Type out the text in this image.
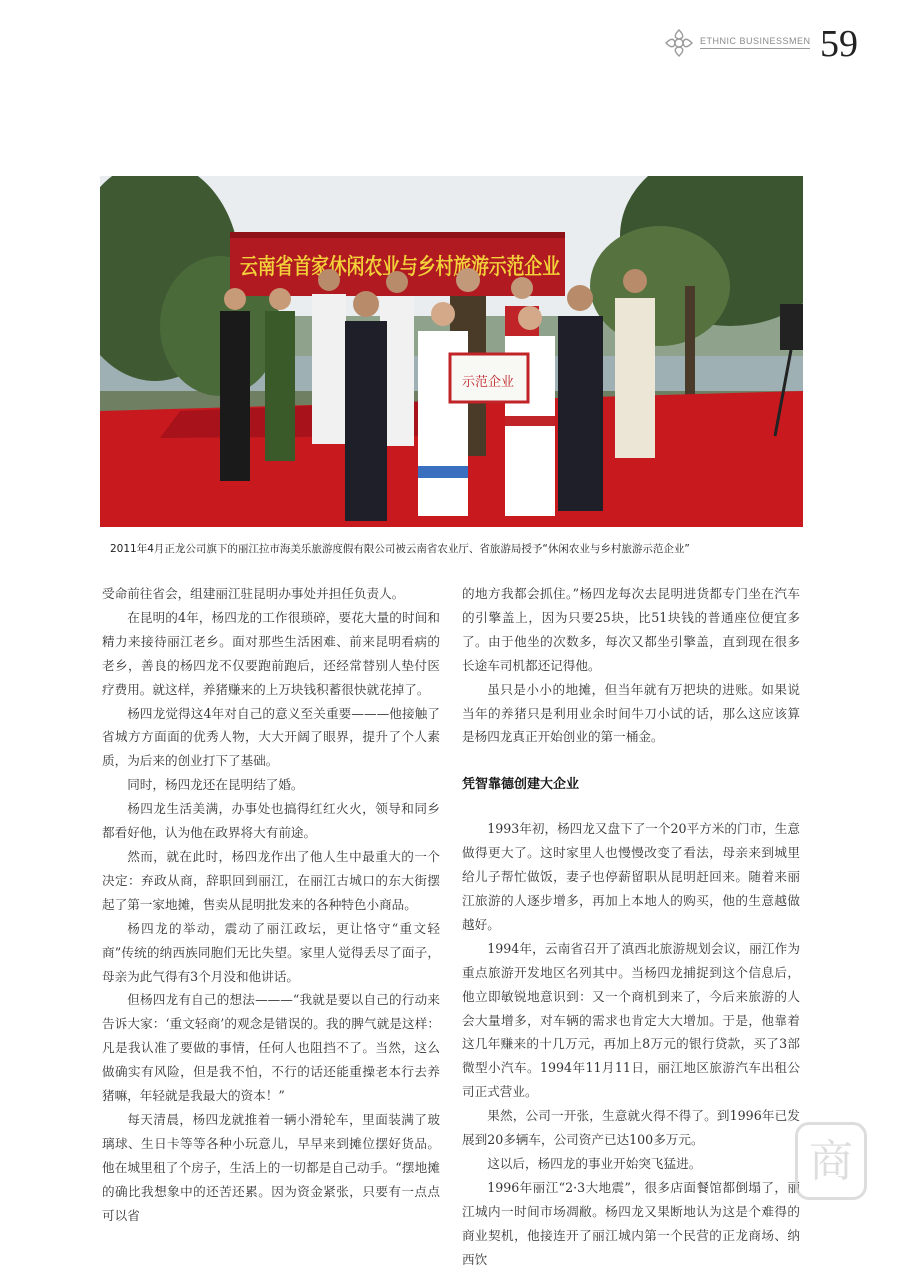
ETHNIC BUSINESSMEN 59
云南省首家休闲农业与乡村旅游示范企业
示范企业
2011年4月正龙公司旗下的丽江拉市海美乐旅游度假有限公司被云南省农业厅、省旅游局授予“休闲农业与乡村旅游示范企业”

受命前往省会，组建丽江驻昆明办事处并担任负责人。

在昆明的4年，杨四龙的工作很琐碎，要花大量的时间和精力来接待丽江老乡。面对那些生活困难、前来昆明看病的老乡，善良的杨四龙不仅要跑前跑后，还经常替别人垫付医疗费用。就这样，养猪赚来的上万块钱积蓄很快就花掉了。

杨四龙觉得这4年对自己的意义至关重要———他接触了省城方方面面的优秀人物，大大开阔了眼界，提升了个人素质，为后来的创业打下了基础。

同时，杨四龙还在昆明结了婚。

杨四龙生活美满，办事处也搞得红红火火，领导和同乡都看好他，认为他在政界将大有前途。

然而，就在此时，杨四龙作出了他人生中最重大的一个决定：弃政从商，辞职回到丽江，在丽江古城口的东大街摆起了第一家地摊，售卖从昆明批发来的各种特色小商品。

杨四龙的举动，震动了丽江政坛，更让恪守“重文轻商”传统的纳西族同胞们无比失望。家里人觉得丢尽了面子，母亲为此气得有3个月没和他讲话。

但杨四龙有自己的想法———“我就是要以自己的行动来告诉大家：‘重文轻商’的观念是错误的。我的脾气就是这样：凡是我认准了要做的事情，任何人也阻挡不了。当然，这么做确实有风险，但是我不怕，不行的话还能重操老本行去养猪嘛，年轻就是我最大的资本！”

每天清晨，杨四龙就推着一辆小滑轮车，里面装满了玻璃球、生日卡等等各种小玩意儿，早早来到摊位摆好货品。他在城里租了个房子，生活上的一切都是自己动手。“摆地摊的确比我想象中的还苦还累。因为资金紧张，只要有一点点可以省

的地方我都会抓住。”杨四龙每次去昆明进货都专门坐在汽车的引擎盖上，因为只要25块，比51块钱的普通座位便宜多了。由于他坐的次数多，每次又都坐引擎盖，直到现在很多长途车司机都还记得他。

虽只是小小的地摊，但当年就有万把块的进账。如果说当年的养猪只是利用业余时间牛刀小试的话，那么这应该算是杨四龙真正开始创业的第一桶金。

凭智靠德创建大企业

1993年初，杨四龙又盘下了一个20平方米的门市，生意做得更大了。这时家里人也慢慢改变了看法，母亲来到城里给儿子帮忙做饭，妻子也停薪留职从昆明赶回来。随着来丽江旅游的人逐步增多，再加上本地人的购买，他的生意越做越好。

1994年，云南省召开了滇西北旅游规划会议，丽江作为重点旅游开发地区名列其中。当杨四龙捕捉到这个信息后，他立即敏锐地意识到：又一个商机到来了，今后来旅游的人会大量增多，对车辆的需求也肯定大大增加。于是，他靠着这几年赚来的十几万元，再加上8万元的银行贷款，买了3部微型小汽车。1994年11月11日，丽江地区旅游汽车出租公司正式营业。

果然，公司一开张，生意就火得不得了。到1996年已发展到20多辆车，公司资产已达100多万元。

这以后，杨四龙的事业开始突飞猛进。

1996年丽江“2·3大地震”，很多店面餐馆都倒塌了，丽江城内一时间市场凋敝。杨四龙又果断地认为这是个难得的商业契机，他接连开了丽江城内第一个民营的正龙商场、纳西饮

商
